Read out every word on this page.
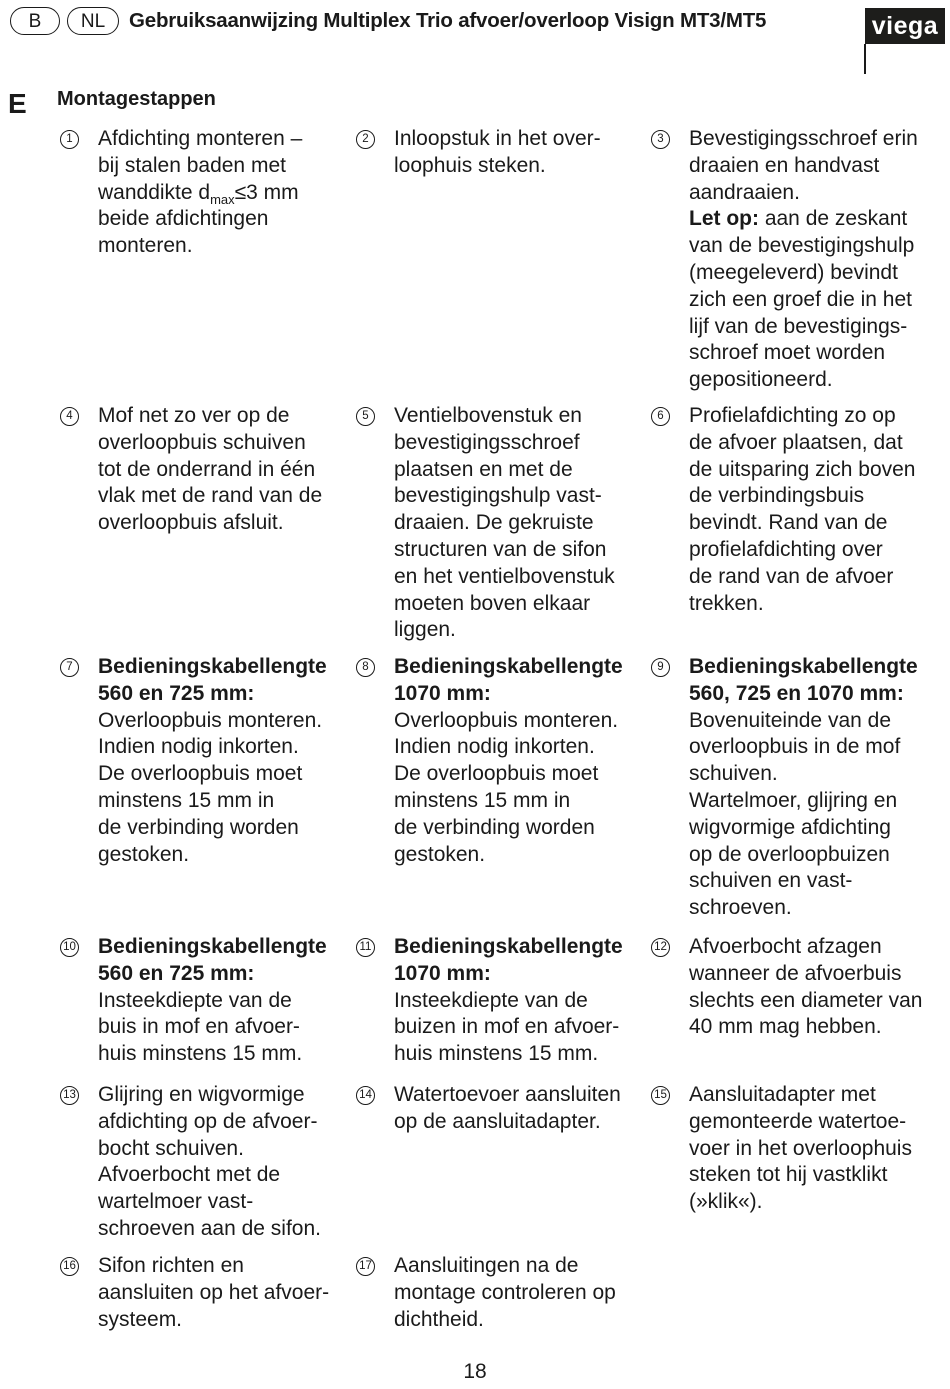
B	NL	Gebruiksaanwijzing Multiplex Trio afvoer/overloop Visign MT3/MT5	viega
E Montagestappen
1 Afdichting monteren –
bij stalen baden met
wanddikte $d_{max}\le 3$ mm
beide afdichtingen
monteren.
2 Inloopstuk in het over-
loophuis steken.
3 Bevestigingsschroef erin
draaien en handvast
aandraaien.
Let op: aan de zeskant
van de bevestigingshulp
(meegeleverd) bevindt
zich een groef die in het
lijf van de bevestigings-
schroef moet worden
gepositioneerd.
4 Mof net zo ver op de
overloopbuis schuiven
tot de onderrand in één
vlak met de rand van de
overloopbuis afsluit.
5 Ventielbovenstuk en
bevestigingsschroef
plaatsen en met de
bevestigingshulp vast-
draaien. De gekruiste
structuren van de sifon
en het ventielbovenstuk
moeten boven elkaar
liggen.
6 Profielafdichting zo op
de afvoer plaatsen, dat
de uitsparing zich boven
de verbindingsbuis
bevindt. Rand van de
profielafdichting over
de rand van de afvoer
trekken.
7 Bedieningskabellengte
560 en 725 mm:
Overloopbuis monteren.
Indien nodig inkorten.
De overloopbuis moet
minstens 15 mm in
de verbinding worden
gestoken.
8 Bedieningskabellengte
1070 mm:
Overloopbuis monteren.
Indien nodig inkorten.
De overloopbuis moet
minstens 15 mm in
de verbinding worden
gestoken.
9 Bedieningskabellengte
560, 725 en 1070 mm:
Bovenuiteinde van de
overloopbuis in de mof
schuiven.
Wartelmoer, glijring en
wigvormige afdichting
op de overloopbuizen
schuiven en vast-
schroeven.
10 Bedieningskabellengte
560 en 725 mm:
Insteekdiepte van de
buis in mof en afvoer-
huis minstens 15 mm.
11 Bedieningskabellengte
1070 mm:
Insteekdiepte van de
buizen in mof en afvoer-
huis minstens 15 mm.
12 Afvoerbocht afzagen
wanneer de afvoerbuis
slechts een diameter van
40 mm mag hebben.
13 Glijring en wigvormige
afdichting op de afvoer-
bocht schuiven.
Afvoerbocht met de
wartelmoer vast-
schroeven aan de sifon.
14 Watertoevoer aansluiten
op de aansluitadapter.
15 Aansluitadapter met
gemonteerde watertoe-
voer in het overloophuis
steken tot hij vastklikt
(»klik«).
16 Sifon richten en
aansluiten op het afvoer-
systeem.
17 Aansluitingen na de
montage controleren op
dichtheid.
18
